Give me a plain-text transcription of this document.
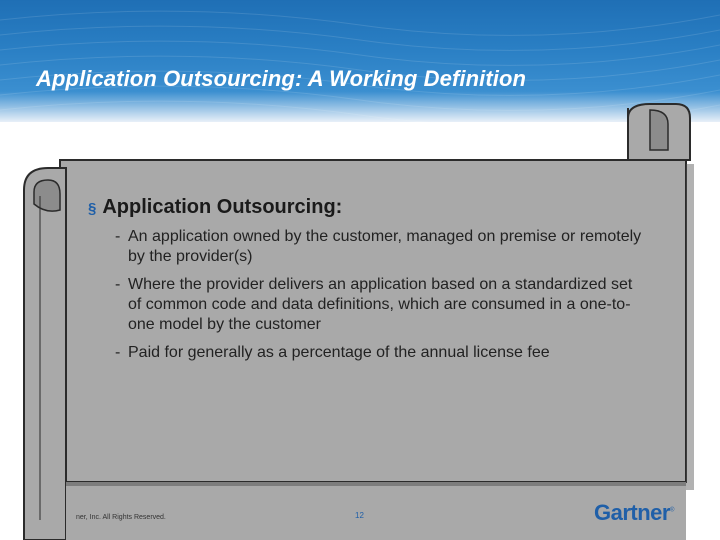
Application Outsourcing: A Working Definition
§ Application Outsourcing:
- An application owned by the customer, managed on premise or remotely by the provider(s)
- Where the provider delivers an application based on a standardized set of common code and data definitions, which are consumed in a one-to-one model by the customer
- Paid for generally as a percentage of the annual license fee
ner, Inc. All Rights Reserved.	12	Gartner®
